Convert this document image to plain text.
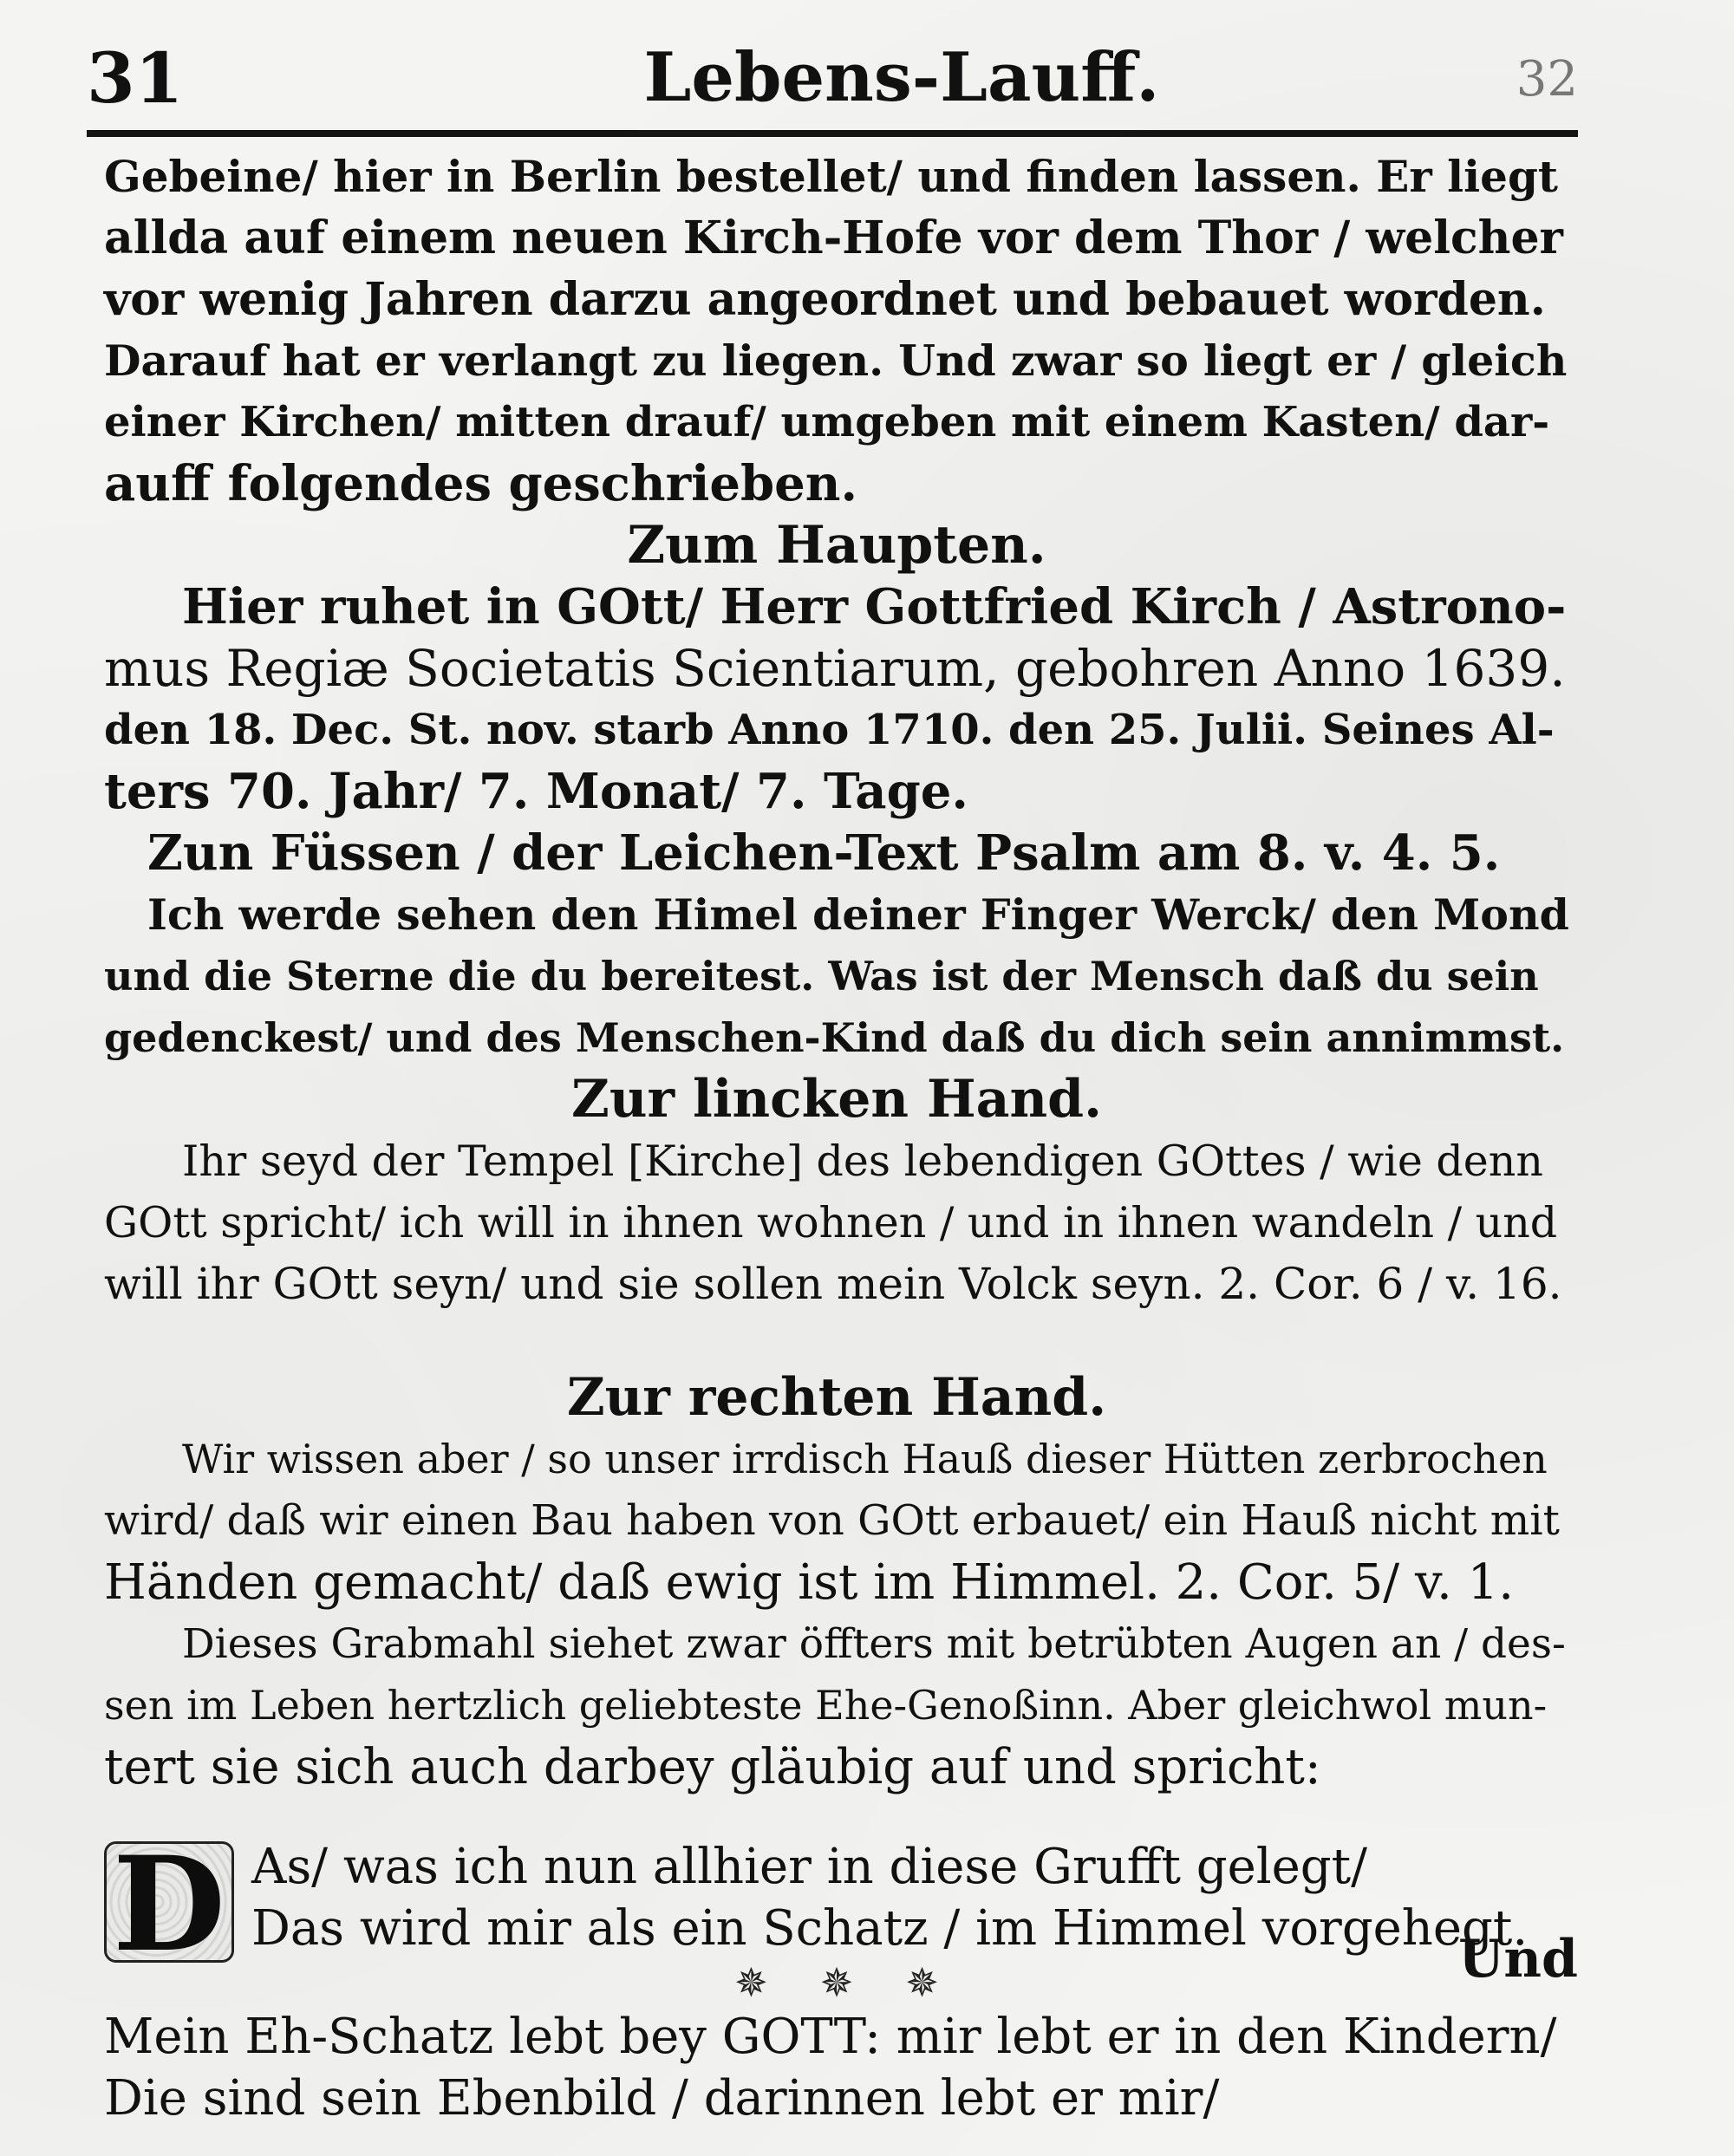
31	Lebens-Lauff.	32
Gebeine/ hier in Berlin bestellet/ und finden lassen. Er liegt
allda auf einem neuen Kirch-Hofe vor dem Thor / welcher
vor wenig Jahren darzu angeordnet und bebauet worden.
Darauf hat er verlangt zu liegen. Und zwar so liegt er / gleich
einer Kirchen/ mitten drauf/ umgeben mit einem Kasten/ dar-
auff folgendes geschrieben.
Zum Haupten.
Hier ruhet in GOtt/ Herr Gottfried Kirch / Astrono-
mus Regiæ Societatis Scientiarum, gebohren Anno 1639.
den 18. Dec. St. nov. starb Anno 1710. den 25. Julii. Seines Al-
ters 70. Jahr/ 7. Monat/ 7. Tage.
Zun Füssen / der Leichen-Text Psalm am 8. v. 4. 5.
Ich werde sehen den Himel deiner Finger Werck/ den Mond
und die Sterne die du bereitest. Was ist der Mensch daß du sein
gedenckest/ und des Menschen-Kind daß du dich sein annimmst.
Zur lincken Hand.
Ihr seyd der Tempel [Kirche] des lebendigen GOttes / wie denn
GOtt spricht/ ich will in ihnen wohnen / und in ihnen wandeln / und
will ihr GOtt seyn/ und sie sollen mein Volck seyn. 2. Cor. 6 / v. 16.
Zur rechten Hand.
Wir wissen aber / so unser irrdisch Hauß dieser Hütten zerbrochen
wird/ daß wir einen Bau haben von GOtt erbauet/ ein Hauß nicht mit
Händen gemacht/ daß ewig ist im Himmel. 2. Cor. 5/ v. 1.
Dieses Grabmahl siehet zwar öffters mit betrübten Augen an / des-
sen im Leben hertzlich geliebteste Ehe-Genoßinn. Aber gleichwol mun-
tert sie sich auch darbey gläubig auf und spricht:
D As/ was ich nun allhier in diese Grufft gelegt/
Das wird mir als ein Schatz / im Himmel vorgehegt.
✵✵✵
Mein Eh-Schatz lebt bey GOTT: mir lebt er in den Kindern/
Die sind sein Ebenbild / darinnen lebt er mir/
Und
